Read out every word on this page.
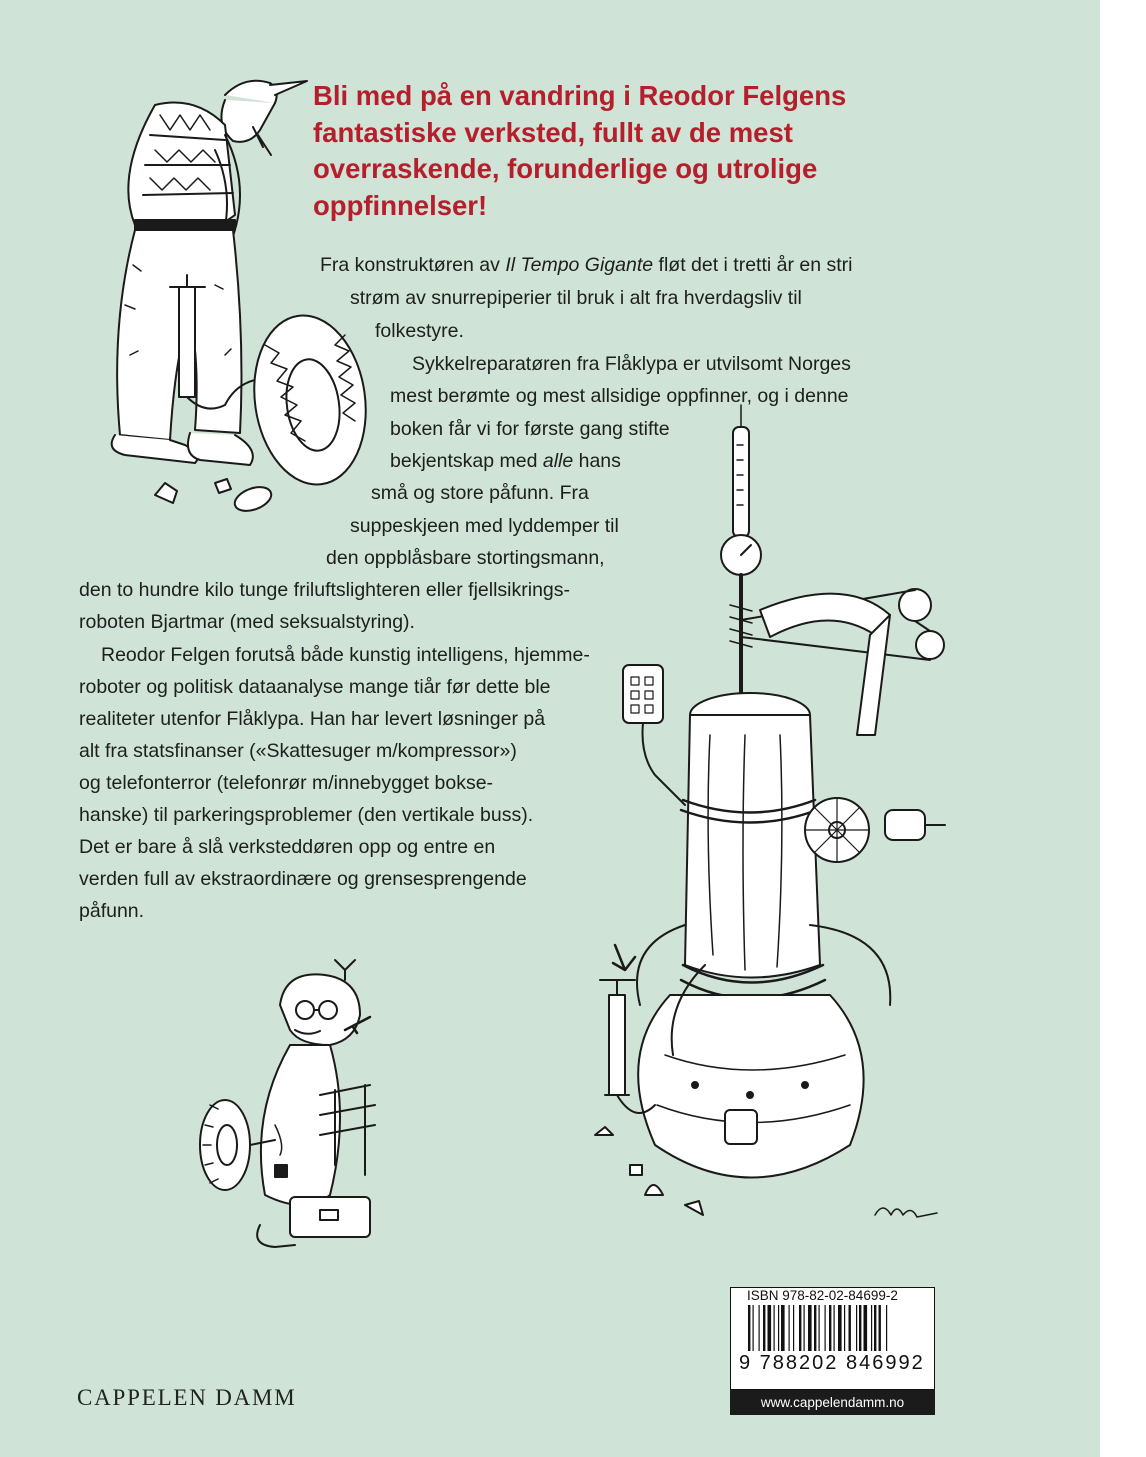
Bli med på en vandring i Reodor Felgens fantastiske verksted, fullt av de mest overraskende, forunderlige og utrolige oppfinnelser!

Fra konstruktøren av Il Tempo Gigante fløt det i tretti år en stri
strøm av snurrepiperier til bruk i alt fra hverdagsliv til
folkestyre.
Sykkelreparatøren fra Flåklypa er utvilsomt Norges
mest berømte og mest allsidige oppfinner, og i denne
boken får vi for første gang stifte
bekjentskap med alle hans
små og store påfunn. Fra
suppeskjeen med lyddemper til
den oppblåsbare stortingsmann,
den to hundre kilo tunge friluftslighteren eller fjellsikrings-
roboten Bjartmar (med seksualstyring).
Reodor Felgen forutså både kunstig intelligens, hjemme-
roboter og politisk dataanalyse mange tiår før dette ble
realiteter utenfor Flåklypa. Han har levert løsninger på
alt fra statsfinanser («Skattesuger m/kompressor»)
og telefonterror (telefonrør m/innebygget bokse-
hanske) til parkeringsproblemer (den vertikale buss).
Det er bare å slå verksteddøren opp og entre en
verden full av ekstraordinære og grensesprengende
påfunn.
ISBN 978-82-02-84699-2
9 788202 846992
www.cappelendamm.no
CAPPELEN DAMM
